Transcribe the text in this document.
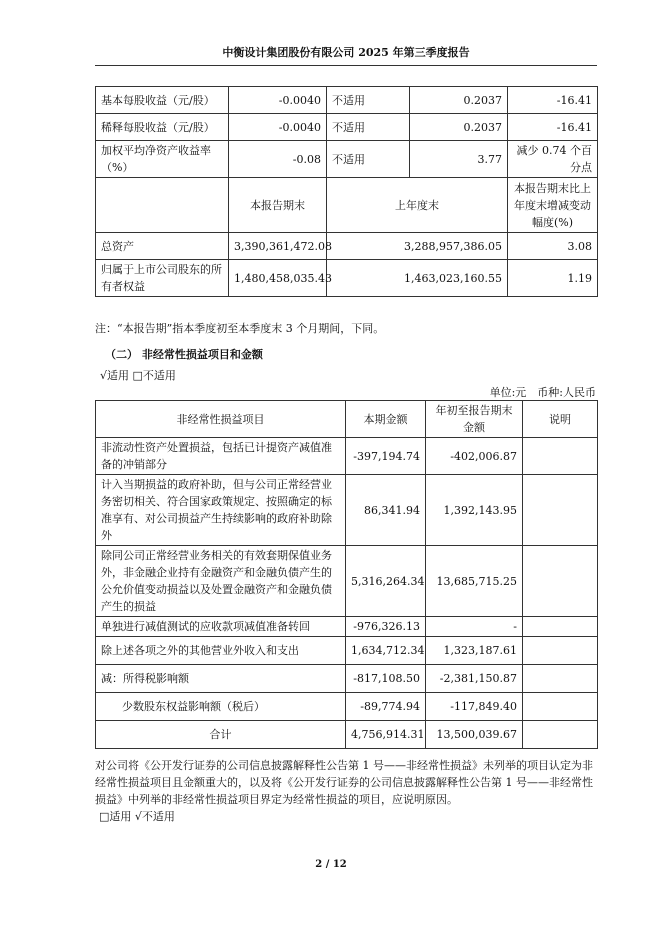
中衡设计集团股份有限公司 2025 年第三季度报告
基本每股收益（元/股）	-0.0040	不适用	0.2037	-16.41
稀释每股收益（元/股）	-0.0040	不适用	0.2037	-16.41
加权平均净资产收益率（%）	-0.08	不适用	3.77	减少 0.74 个百分点
	本报告期末	上年度末		本报告期末比上年度末增减变动幅度(%)
总资产	3,390,361,472.08	3,288,957,386.05		3.08
归属于上市公司股东的所有者权益	1,480,458,035.43	1,463,023,160.55		1.19
注：“本报告期”指本季度初至本季度末 3 个月期间，下同。
（二） 非经常性损益项目和金额
√适用 □不适用
单位:元　币种:人民币
非经常性损益项目	本期金额	年初至报告期末金额	说明
非流动性资产处置损益，包括已计提资产减值准备的冲销部分	-397,194.74	-402,006.87	
计入当期损益的政府补助，但与公司正常经营业务密切相关、符合国家政策规定、按照确定的标准享有、对公司损益产生持续影响的政府补助除外	86,341.94	1,392,143.95	
除同公司正常经营业务相关的有效套期保值业务外，非金融企业持有金融资产和金融负债产生的公允价值变动损益以及处置金融资产和金融负债产生的损益	5,316,264.34	13,685,715.25	
单独进行减值测试的应收款项减值准备转回	-976,326.13	-	
除上述各项之外的其他营业外收入和支出	1,634,712.34	1,323,187.61	
减：所得税影响额	-817,108.50	-2,381,150.87	
少数股东权益影响额（税后）	-89,774.94	-117,849.40	
合计	4,756,914.31	13,500,039.67	
对公司将《公开发行证券的公司信息披露解释性公告第 1 号——非经常性损益》未列举的项目认定为非经常性损益项目且金额重大的，以及将《公开发行证券的公司信息披露解释性公告第 1 号——非经常性损益》中列举的非经常性损益项目界定为经常性损益的项目，应说明原因。
□适用 √不适用
2 / 12
